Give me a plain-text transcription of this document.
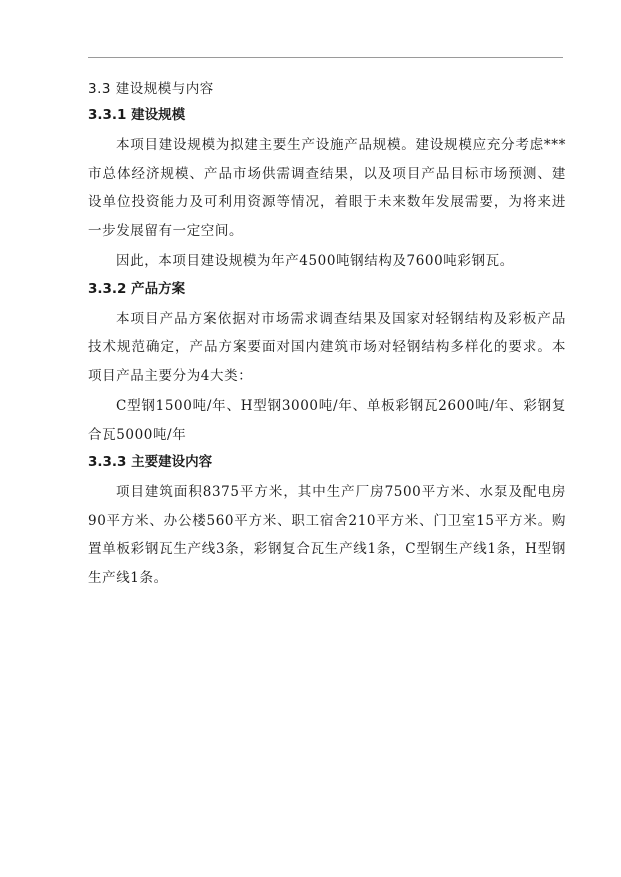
3.3 建设规模与内容
3.3.1 建设规模

本项目建设规模为拟建主要生产设施产品规模。建设规模应充分考虑***市总体经济规模、产品市场供需调查结果，以及项目产品目标市场预测、建设单位投资能力及可利用资源等情况，着眼于未来数年发展需要，为将来进一步发展留有一定空间。

因此，本项目建设规模为年产4500吨钢结构及7600吨彩钢瓦。

3.3.2 产品方案

本项目产品方案依据对市场需求调查结果及国家对轻钢结构及彩板产品技术规范确定，产品方案要面对国内建筑市场对轻钢结构多样化的要求。本项目产品主要分为4大类：

C型钢1500吨/年、H型钢3000吨/年、单板彩钢瓦2600吨/年、彩钢复合瓦5000吨/年

3.3.3 主要建设内容

项目建筑面积8375平方米，其中生产厂房7500平方米、水泵及配电房90平方米、办公楼560平方米、职工宿舍210平方米、门卫室15平方米。购置单板彩钢瓦生产线3条，彩钢复合瓦生产线1条，C型钢生产线1条，H型钢生产线1条。
